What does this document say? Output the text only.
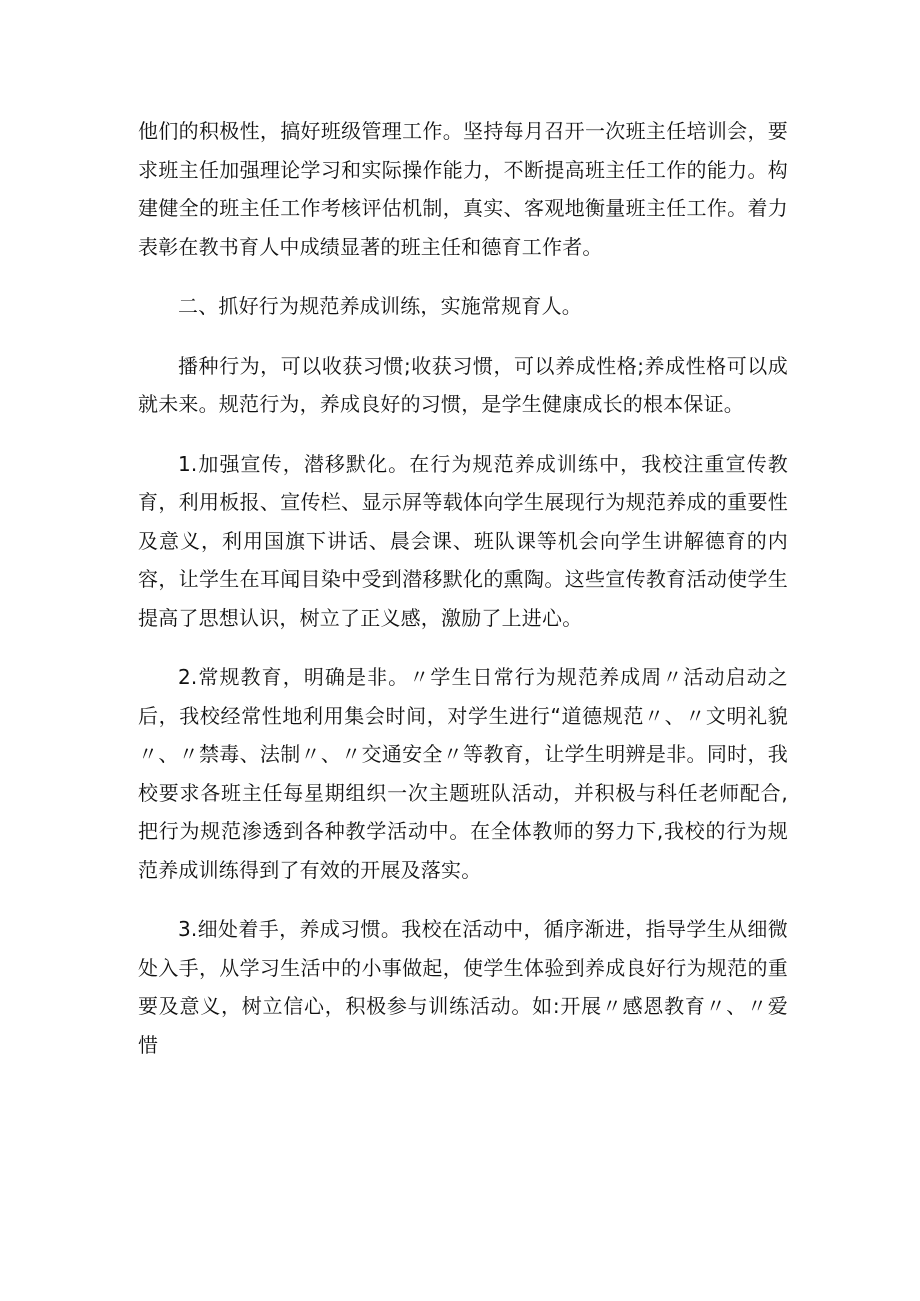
他们的积极性，搞好班级管理工作。坚持每月召开一次班主任培训会，要求班主任加强理论学习和实际操作能力，不断提高班主任工作的能力。构建健全的班主任工作考核评估机制，真实、客观地衡量班主任工作。着力表彰在教书育人中成绩显著的班主任和德育工作者。

二、抓好行为规范养成训练，实施常规育人。

播种行为，可以收获习惯;收获习惯，可以养成性格;养成性格可以成就未来。规范行为，养成良好的习惯，是学生健康成长的根本保证。

1.加强宣传，潜移默化。在行为规范养成训练中，我校注重宣传教育，利用板报、宣传栏、显示屏等载体向学生展现行为规范养成的重要性及意义，利用国旗下讲话、晨会课、班队课等机会向学生讲解德育的内容，让学生在耳闻目染中受到潜移默化的熏陶。这些宣传教育活动使学生提高了思想认识，树立了正义感，激励了上进心。

2.常规教育，明确是非。〃学生日常行为规范养成周〃活动启动之后，我校经常性地利用集会时间，对学生进行“道德规范〃、〃文明礼貌〃、〃禁毒、法制〃、〃交通安全〃等教育，让学生明辨是非。同时，我校要求各班主任每星期组织一次主题班队活动，并积极与科任老师配合,把行为规范渗透到各种教学活动中。在全体教师的努力下,我校的行为规范养成训练得到了有效的开展及落实。

3.细处着手，养成习惯。我校在活动中，循序渐进，指导学生从细微处入手，从学习生活中的小事做起，使学生体验到养成良好行为规范的重要及意义，树立信心，积极参与训练活动。如:开展〃感恩教育〃、〃爱惜
